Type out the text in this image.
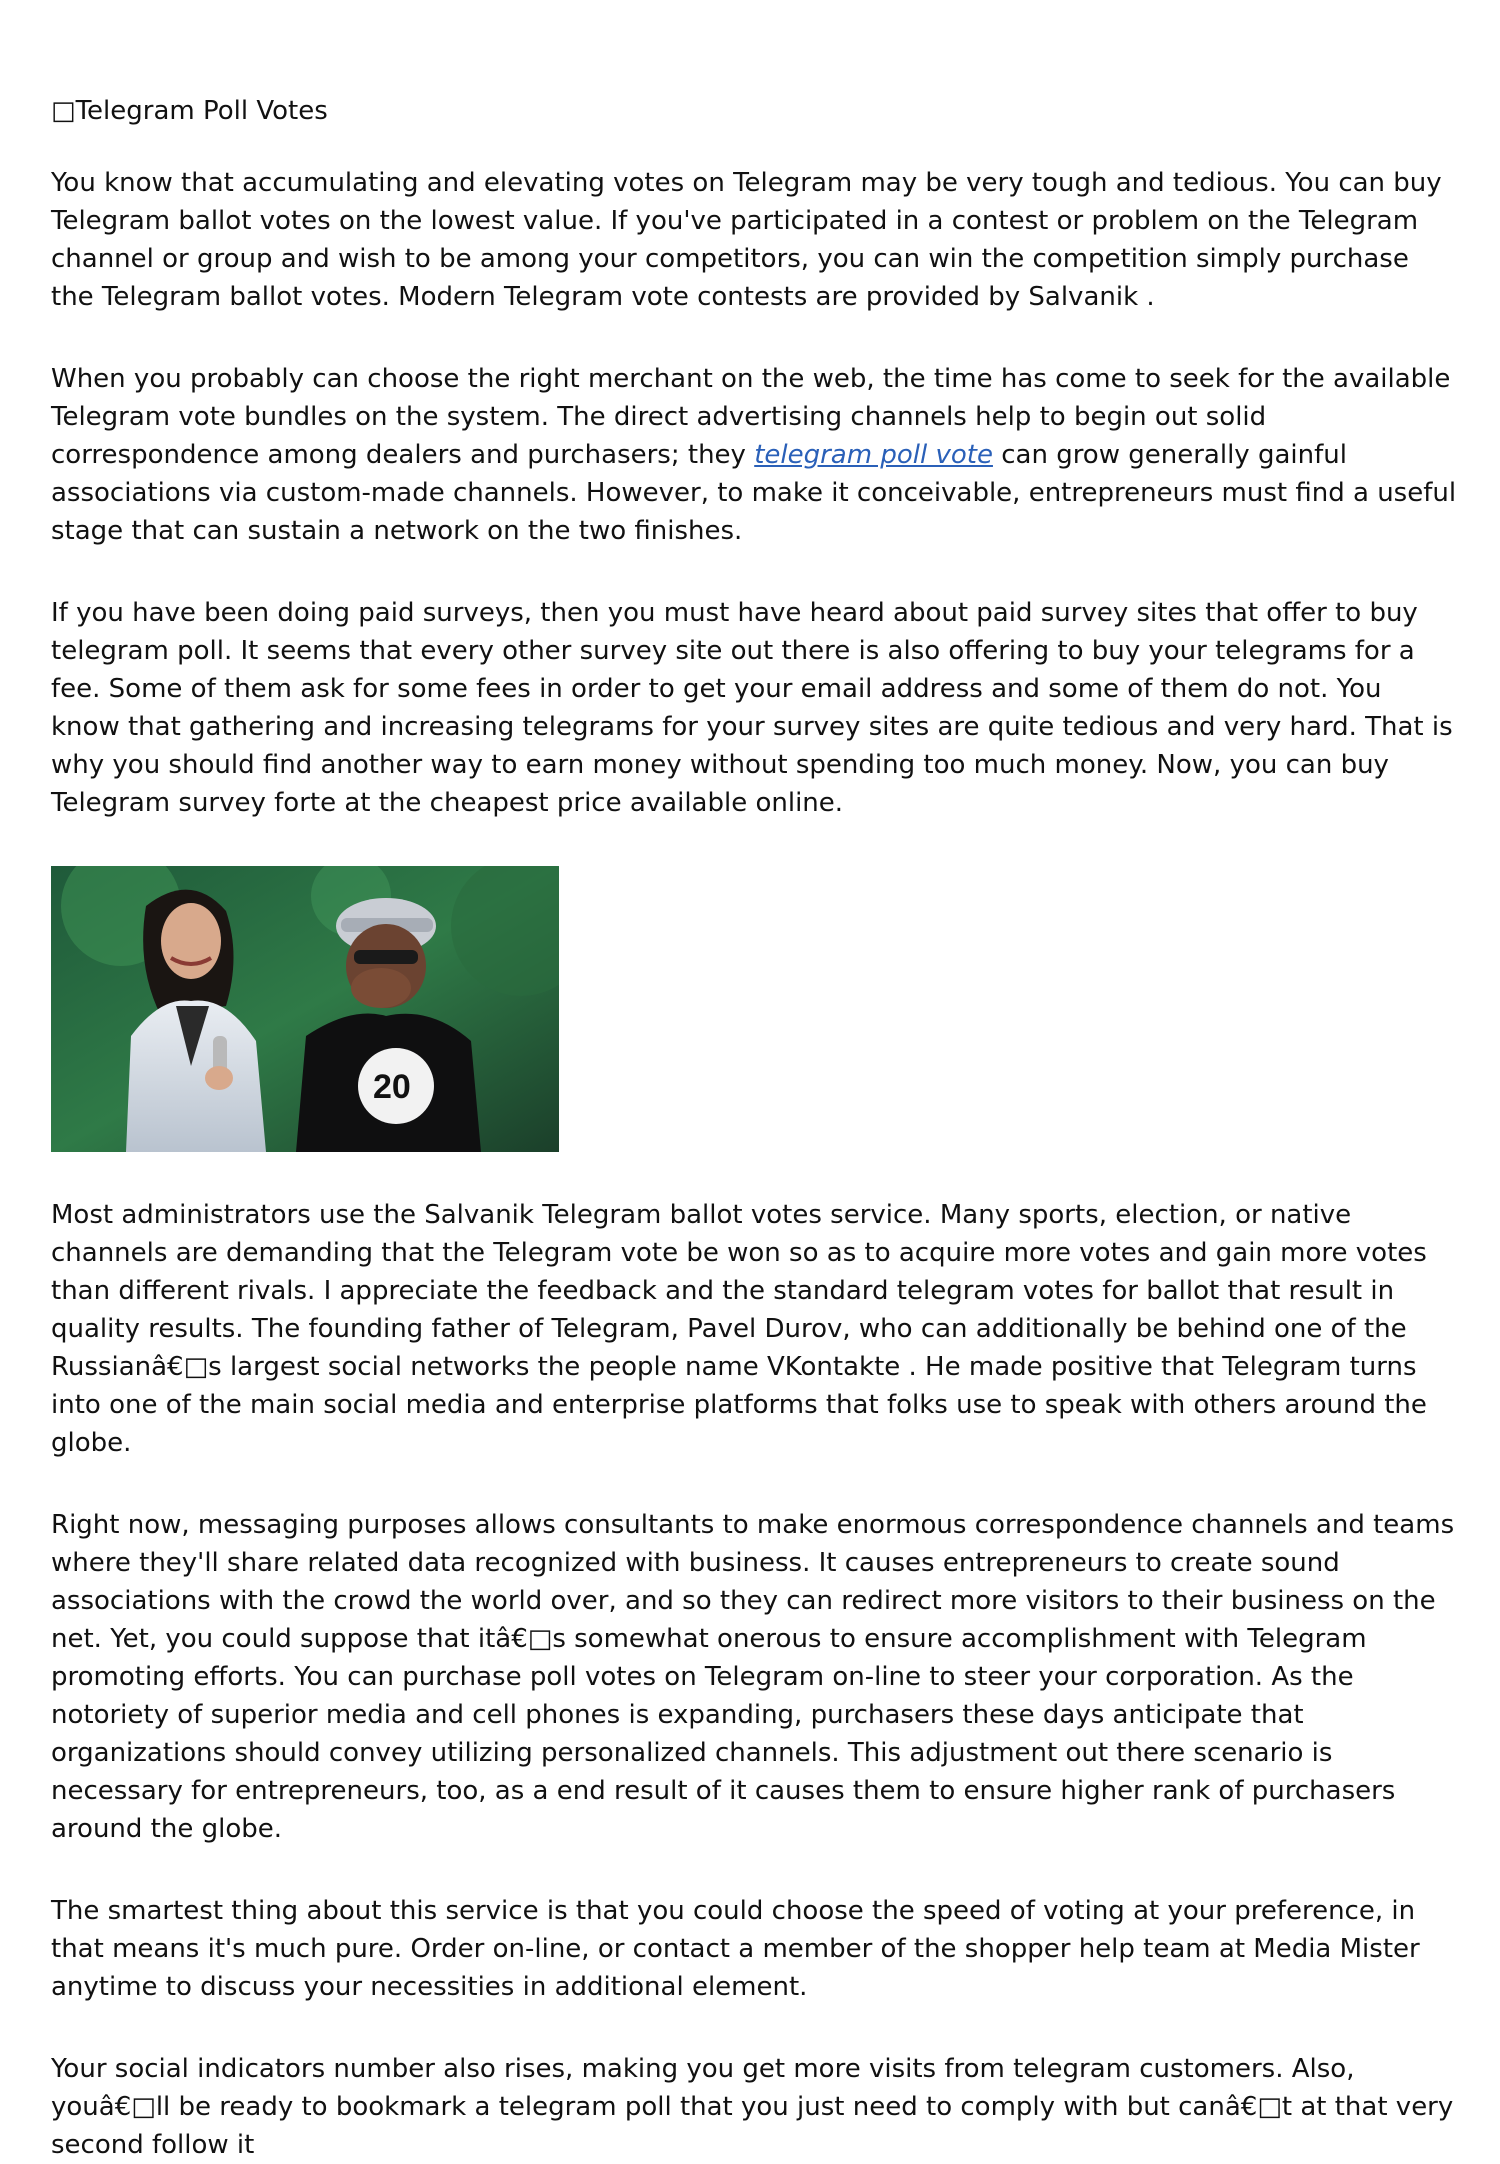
□Telegram Poll Votes

You know that accumulating and elevating votes on Telegram may be very tough and tedious. You can buy Telegram ballot votes on the lowest value. If you've participated in a contest or problem on the Telegram channel or group and wish to be among your competitors, you can win the competition simply purchase the Telegram ballot votes. Modern Telegram vote contests are provided by Salvanik .

When you probably can choose the right merchant on the web, the time has come to seek for the available Telegram vote bundles on the system. The direct advertising channels help to begin out solid correspondence among dealers and purchasers; they telegram poll vote can grow generally gainful associations via custom-made channels. However, to make it conceivable, entrepreneurs must find a useful stage that can sustain a network on the two finishes.

If you have been doing paid surveys, then you must have heard about paid survey sites that offer to buy telegram poll. It seems that every other survey site out there is also offering to buy your telegrams for a fee. Some of them ask for some fees in order to get your email address and some of them do not. You know that gathering and increasing telegrams for your survey sites are quite tedious and very hard. That is why you should find another way to earn money without spending too much money. Now, you can buy Telegram survey forte at the cheapest price available online.

20

Most administrators use the Salvanik Telegram ballot votes service. Many sports, election, or native channels are demanding that the Telegram vote be won so as to acquire more votes and gain more votes than different rivals. I appreciate the feedback and the standard telegram votes for ballot that result in quality results. The founding father of Telegram, Pavel Durov, who can additionally be behind one of the Russianâ€□s largest social networks the people name VKontakte . He made positive that Telegram turns into one of the main social media and enterprise platforms that folks use to speak with others around the globe.

Right now, messaging purposes allows consultants to make enormous correspondence channels and teams where they'll share related data recognized with business. It causes entrepreneurs to create sound associations with the crowd the world over, and so they can redirect more visitors to their business on the net. Yet, you could suppose that itâ€□s somewhat onerous to ensure accomplishment with Telegram promoting efforts. You can purchase poll votes on Telegram on-line to steer your corporation. As the notoriety of superior media and cell phones is expanding, purchasers these days anticipate that organizations should convey utilizing personalized channels. This adjustment out there scenario is necessary for entrepreneurs, too, as a end result of it causes them to ensure higher rank of purchasers around the globe.

The smartest thing about this service is that you could choose the speed of voting at your preference, in that means it's much pure. Order on-line, or contact a member of the shopper help team at Media Mister anytime to discuss your necessities in additional element.

Your social indicators number also rises, making you get more visits from telegram customers. Also, youâ€□ll be ready to bookmark a telegram poll that you just need to comply with but canâ€□t at that very second follow it
